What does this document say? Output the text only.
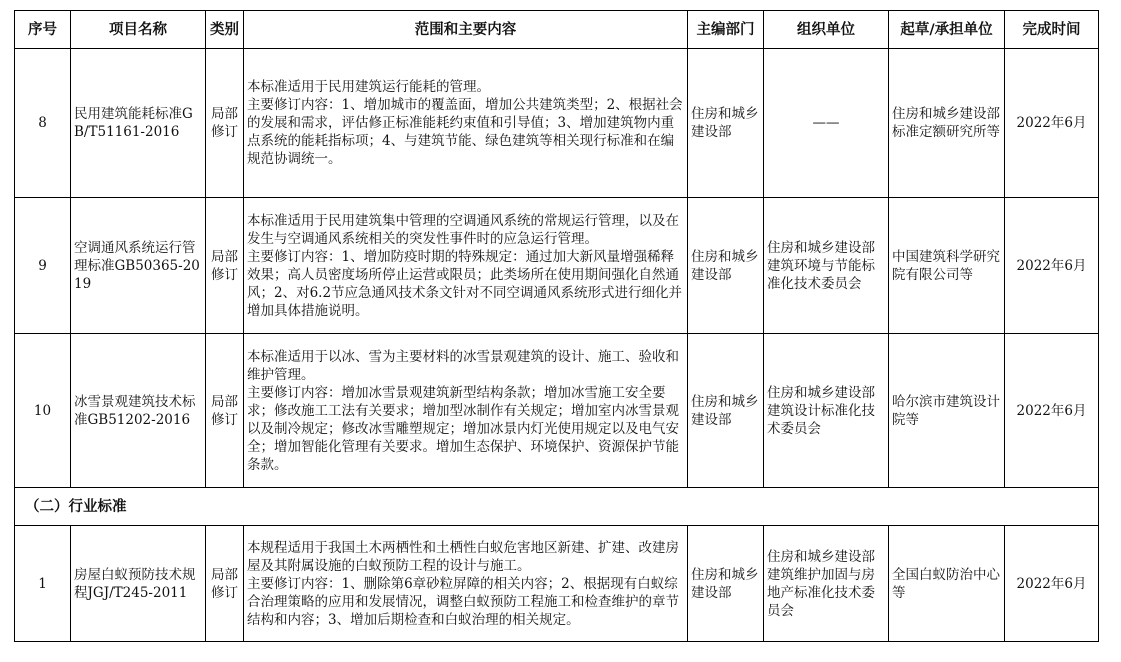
序号	项目名称	类别	范围和主要内容	主编部门	组织单位	起草/承担单位	完成时间
8	民用建筑能耗标准GB/T51161-2016	局部修订	本标准适用于民用建筑运行能耗的管理。
主要修订内容：1、增加城市的覆盖面，增加公共建筑类型；2、根据社会的发展和需求，评估修正标准能耗约束值和引导值；3、增加建筑物内重点系统的能耗指标项；4、与建筑节能、绿色建筑等相关现行标准和在编规范协调统一。	住房和城乡建设部	——	住房和城乡建设部标准定额研究所等	2022年6月
9	空调通风系统运行管理标准GB50365-2019	局部修订	本标准适用于民用建筑集中管理的空调通风系统的常规运行管理，以及在发生与空调通风系统相关的突发性事件时的应急运行管理。
主要修订内容：1、增加防疫时期的特殊规定：通过加大新风量增强稀释效果；高人员密度场所停止运营或限员；此类场所在使用期间强化自然通风；2、对6.2节应急通风技术条文针对不同空调通风系统形式进行细化并增加具体措施说明。	住房和城乡建设部	住房和城乡建设部建筑环境与节能标准化技术委员会	中国建筑科学研究院有限公司等	2022年6月
10	冰雪景观建筑技术标准GB51202-2016	局部修订	本标准适用于以冰、雪为主要材料的冰雪景观建筑的设计、施工、验收和维护管理。
主要修订内容：增加冰雪景观建筑新型结构条款；增加冰雪施工安全要求；修改施工工法有关要求；增加型冰制作有关规定；增加室内冰雪景观以及制冷规定；修改冰雪雕塑规定；增加冰景内灯光使用规定以及电气安全；增加智能化管理有关要求。增加生态保护、环境保护、资源保护节能条款。	住房和城乡建设部	住房和城乡建设部建筑设计标准化技术委员会	哈尔滨市建筑设计院等	2022年6月
（二）行业标准							
1	房屋白蚁预防技术规程JGJ/T245-2011	局部修订	本规程适用于我国土木两栖性和土栖性白蚁危害地区新建、扩建、改建房屋及其附属设施的白蚁预防工程的设计与施工。
主要修订内容：1、删除第6章砂粒屏障的相关内容；2、根据现有白蚁综合治理策略的应用和发展情况，调整白蚁预防工程施工和检查维护的章节结构和内容；3、增加后期检查和白蚁治理的相关规定。	住房和城乡建设部	住房和城乡建设部建筑维护加固与房地产标准化技术委员会	全国白蚁防治中心等	2022年6月
